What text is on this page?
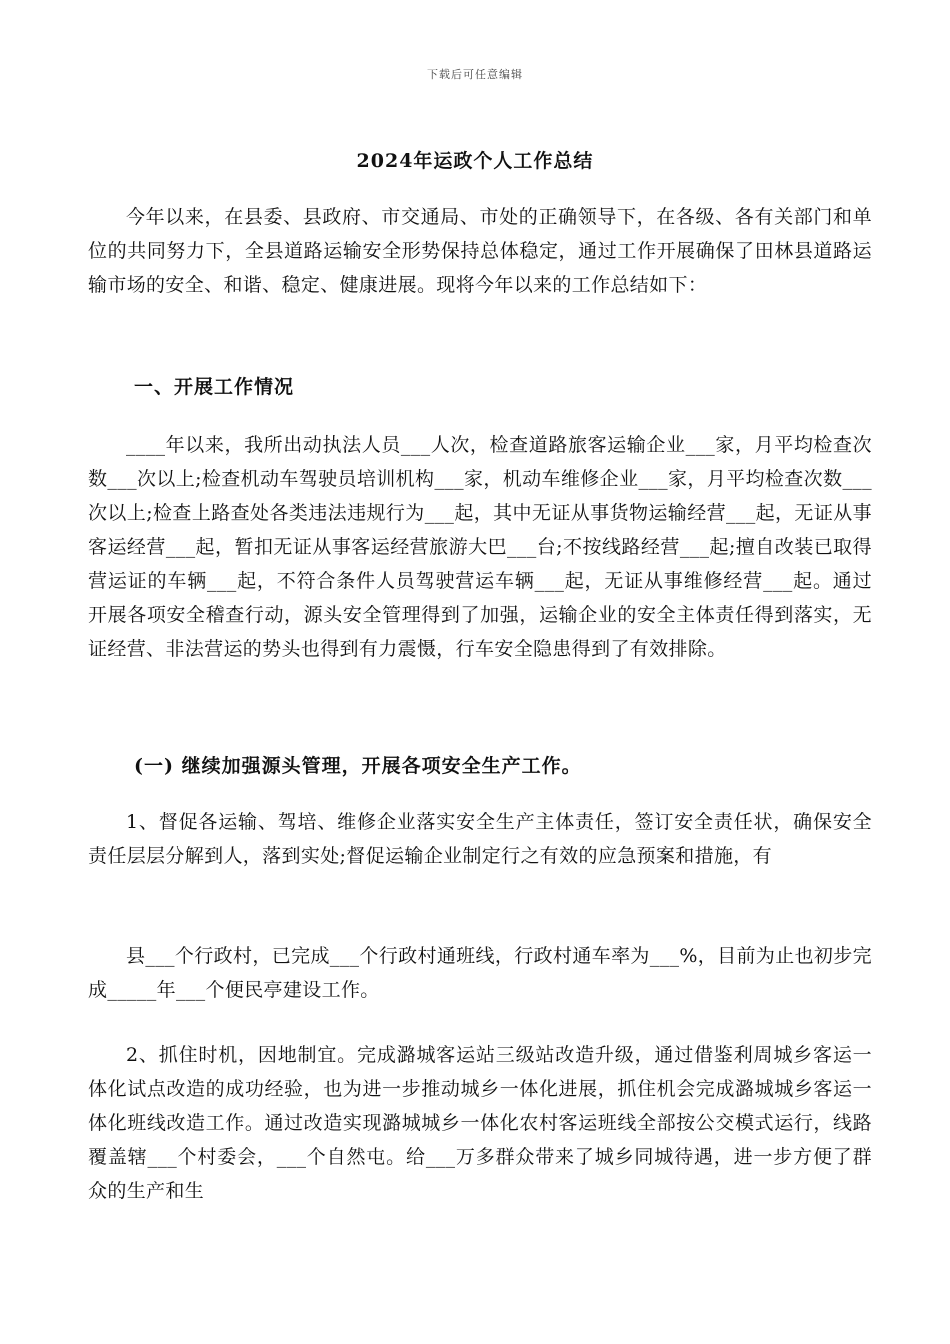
下载后可任意编辑
2024年运政个人工作总结

今年以来，在县委、县政府、市交通局、市处的正确领导下，在各级、各有关部门和单位的共同努力下，全县道路运输安全形势保持总体稳定，通过工作开展确保了田林县道路运输市场的安全、和谐、稳定、健康进展。现将今年以来的工作总结如下：

一、开展工作情况

____年以来，我所出动执法人员___人次，检查道路旅客运输企业___家，月平均检查次数___次以上;检查机动车驾驶员培训机构___家，机动车维修企业___家，月平均检查次数___次以上;检查上路查处各类违法违规行为___起，其中无证从事货物运输经营___起，无证从事客运经营___起，暂扣无证从事客运经营旅游大巴___台;不按线路经营___起;擅自改装已取得营运证的车辆___起，不符合条件人员驾驶营运车辆___起，无证从事维修经营___起。通过开展各项安全稽查行动，源头安全管理得到了加强，运输企业的安全主体责任得到落实，无证经营、非法营运的势头也得到有力震慑，行车安全隐患得到了有效排除。

(一) 继续加强源头管理，开展各项安全生产工作。

1、督促各运输、驾培、维修企业落实安全生产主体责任，签订安全责任状，确保安全责任层层分解到人，落到实处;督促运输企业制定行之有效的应急预案和措施，有

县___个行政村，已完成___个行政村通班线，行政村通车率为___%，目前为止也初步完成_____年___个便民亭建设工作。

2、抓住时机，因地制宜。完成潞城客运站三级站改造升级，通过借鉴利周城乡客运一体化试点改造的成功经验，也为进一步推动城乡一体化进展，抓住机会完成潞城城乡客运一体化班线改造工作。通过改造实现潞城城乡一体化农村客运班线全部按公交模式运行，线路覆盖辖___个村委会，___个自然屯。给___万多群众带来了城乡同城待遇，进一步方便了群众的生产和生
